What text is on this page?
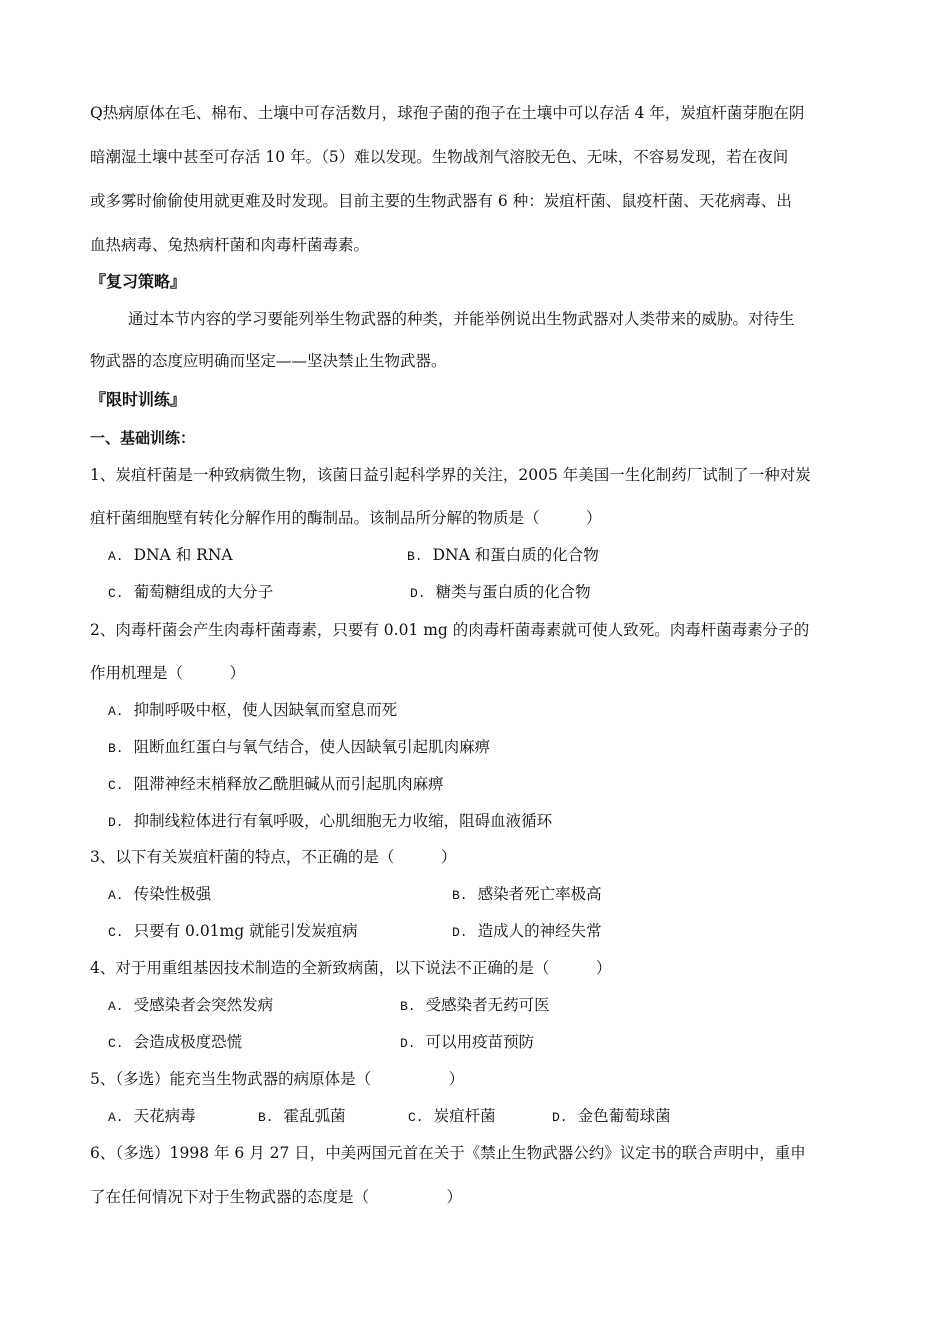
Q热病原体在毛、棉布、土壤中可存活数月，球孢子菌的孢子在土壤中可以存活 4 年，炭疽杆菌芽胞在阴
暗潮湿土壤中甚至可存活 10 年。（5）难以发现。生物战剂气溶胶无色、无味，不容易发现，若在夜间
或多雾时偷偷使用就更难及时发现。目前主要的生物武器有 6 种：炭疽杆菌、鼠疫杆菌、天花病毒、出
血热病毒、兔热病杆菌和肉毒杆菌毒素。
『复习策略』
通过本节内容的学习要能列举生物武器的种类，并能举例说出生物武器对人类带来的威胁。对待生
物武器的态度应明确而坚定——坚决禁止生物武器。
『限时训练』
一、基础训练：
1、炭疽杆菌是一种致病微生物，该菌日益引起科学界的关注，2005 年美国一生化制药厂试制了一种对炭
疽杆菌细胞壁有转化分解作用的酶制品。该制品所分解的物质是（　　　）
A. DNA 和 RNA	B. DNA 和蛋白质的化合物
C. 葡萄糖组成的大分子	D. 糖类与蛋白质的化合物
2、肉毒杆菌会产生肉毒杆菌毒素，只要有 0.01 mg 的肉毒杆菌毒素就可使人致死。肉毒杆菌毒素分子的
作用机理是（　　　）
A. 抑制呼吸中枢，使人因缺氧而窒息而死
B. 阻断血红蛋白与氧气结合，使人因缺氧引起肌肉麻痹
C. 阻滞神经末梢释放乙酰胆碱从而引起肌肉麻痹
D. 抑制线粒体进行有氧呼吸，心肌细胞无力收缩，阻碍血液循环
3、以下有关炭疽杆菌的特点，不正确的是（　　　）
A. 传染性极强	B. 感染者死亡率极高
C. 只要有 0.01mg 就能引发炭疽病	D. 造成人的神经失常
4、对于用重组基因技术制造的全新致病菌，以下说法不正确的是（　　　）
A. 受感染者会突然发病	B. 受感染者无药可医
C. 会造成极度恐慌	D. 可以用疫苗预防
5、（多选）能充当生物武器的病原体是（　　　　　）
A. 天花病毒	B. 霍乱弧菌	C. 炭疽杆菌	D. 金色葡萄球菌
6、（多选）1998 年 6 月 27 日，中美两国元首在关于《禁止生物武器公约》议定书的联合声明中，重申
了在任何情况下对于生物武器的态度是（　　　　　）
